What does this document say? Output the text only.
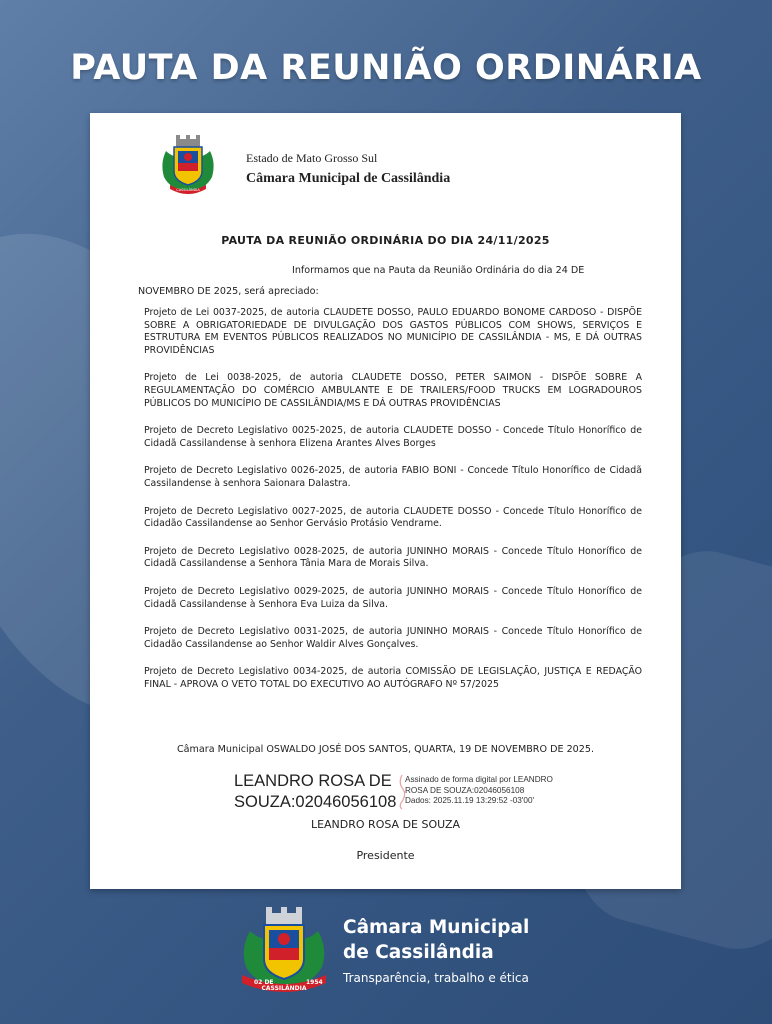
PAUTA DA REUNIÃO ORDINÁRIA
CASSILÂNDIA
Estado de Mato Grosso Sul
Câmara Municipal de Cassilândia
PAUTA DA REUNIÃO ORDINÁRIA DO DIA 24/11/2025
Informamos que na Pauta da Reunião Ordinária do dia 24 DE
NOVEMBRO DE 2025, será apreciado:
Projeto de Lei 0037-2025, de autoria CLAUDETE DOSSO, PAULO EDUARDO BONOME CARDOSO - DISPÕE SOBRE A OBRIGATORIEDADE DE DIVULGAÇÃO DOS GASTOS PÚBLICOS COM SHOWS, SERVIÇOS E ESTRUTURA EM EVENTOS PÚBLICOS REALIZADOS NO MUNICÍPIO DE CASSILÂNDIA - MS, E DÁ OUTRAS PROVIDÊNCIAS
Projeto de Lei 0038-2025, de autoria CLAUDETE DOSSO, PETER SAIMON - DISPÕE SOBRE A REGULAMENTAÇÃO DO COMÉRCIO AMBULANTE E DE TRAILERS/FOOD TRUCKS EM LOGRADOUROS PÚBLICOS DO MUNICÍPIO DE CASSILÂNDIA/MS E DÁ OUTRAS PROVIDÊNCIAS
Projeto de Decreto Legislativo 0025-2025, de autoria CLAUDETE DOSSO - Concede Título Honorífico de Cidadã Cassilandense à senhora Elizena Arantes Alves Borges
Projeto de Decreto Legislativo 0026-2025, de autoria FABIO BONI - Concede Título Honorífico de Cidadã Cassilandense à senhora Saionara Dalastra.
Projeto de Decreto Legislativo 0027-2025, de autoria CLAUDETE DOSSO - Concede Título Honorífico de Cidadão Cassilandense ao Senhor Gervásio Protásio Vendrame.
Projeto de Decreto Legislativo 0028-2025, de autoria JUNINHO MORAIS - Concede Título Honorífico de Cidadã Cassilandense a Senhora Tânia Mara de Morais Silva.
Projeto de Decreto Legislativo 0029-2025, de autoria JUNINHO MORAIS - Concede Título Honorífico de Cidadã Cassilandense à Senhora Eva Luiza da Silva.
Projeto de Decreto Legislativo 0031-2025, de autoria JUNINHO MORAIS - Concede Título Honorífico de Cidadão Cassilandense ao Senhor Waldir Alves Gonçalves.
Projeto de Decreto Legislativo 0034-2025, de autoria COMISSÃO DE LEGISLAÇÃO, JUSTIÇA E REDAÇÃO FINAL - APROVA O VETO TOTAL DO EXECUTIVO AO AUTÓGRAFO Nº 57/2025
Câmara Municipal OSWALDO JOSÉ DOS SANTOS, QUARTA, 19 DE NOVEMBRO DE 2025.
LEANDRO ROSA DE
SOUZA:02046056108
Assinado de forma digital por LEANDRO
ROSA DE SOUZA:02046056108
Dados: 2025.11.19 13:29:52 -03'00'
LEANDRO ROSA DE SOUZA
Presidente
02 DE
CASSILÂNDIA
1954
Câmara Municipal
de Cassilândia
Transparência, trabalho e ética
